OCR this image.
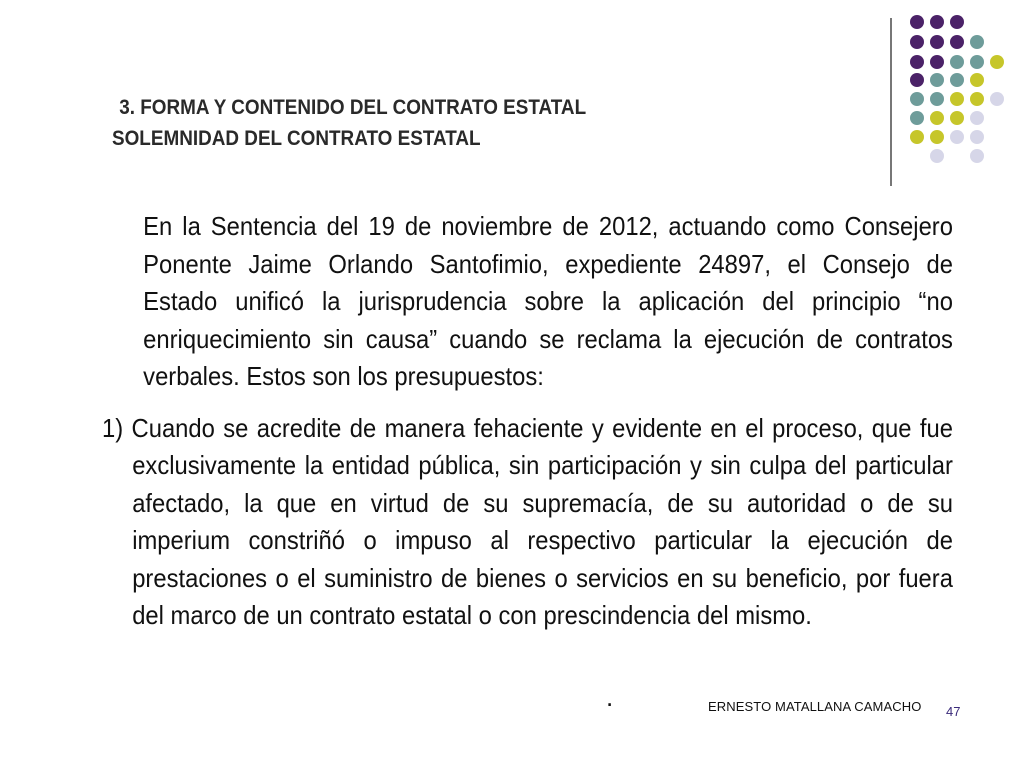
3. FORMA Y CONTENIDO DEL CONTRATO ESTATAL
SOLEMNIDAD DEL CONTRATO ESTATAL

En la Sentencia del 19 de noviembre de 2012, actuando como Consejero Ponente Jaime Orlando Santofimio, expediente 24897, el Consejo de Estado unificó la jurisprudencia sobre la aplicación del principio “no enriquecimiento sin causa” cuando se reclama la ejecución de contratos verbales. Estos son los presupuestos:

1) Cuando se acredite de manera fehaciente y evidente en el proceso, que fue exclusivamente la entidad pública, sin participación y sin culpa del particular afectado, la que en virtud de su supremacía, de su autoridad o de su imperium constriñó o impuso al respectivo particular la ejecución de prestaciones o el suministro de bienes o servicios en su beneficio, por fuera del marco de un contrato estatal o con prescindencia del mismo.

.	ERNESTO MATALLANA CAMACHO 47
